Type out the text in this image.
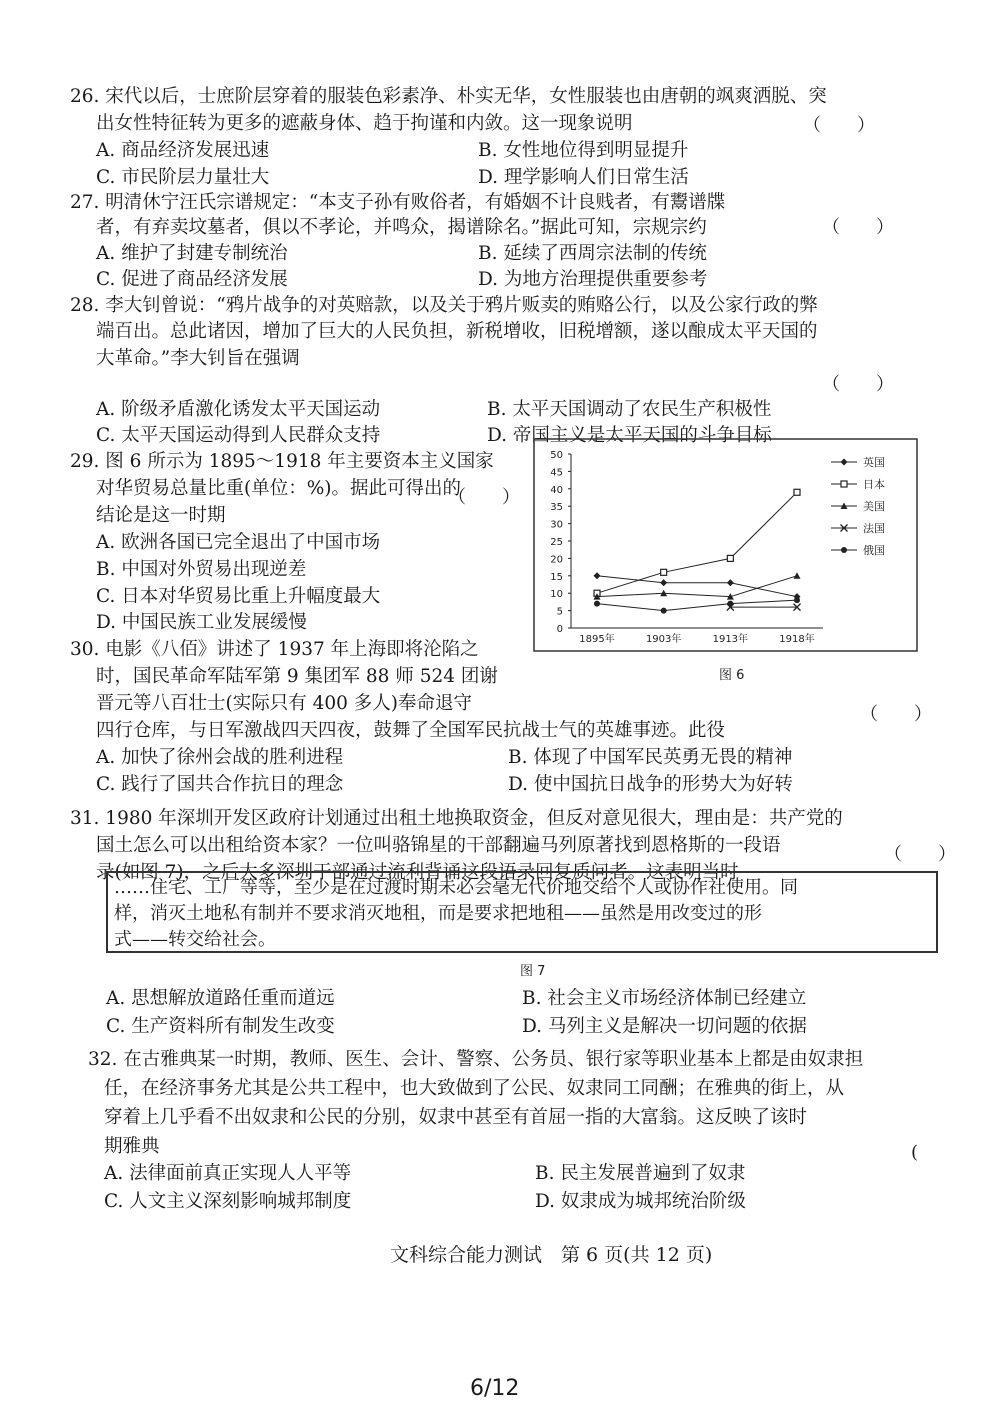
26. 宋代以后，士庶阶层穿着的服装色彩素净、朴实无华，女性服装也由唐朝的飒爽洒脱、突
出女性特征转为更多的遮蔽身体、趋于拘谨和内敛。这一现象说明	（　　）
A. 商品经济发展迅速	B. 女性地位得到明显提升
C. 市民阶层力量壮大	D. 理学影响人们日常生活
27. 明清休宁汪氏宗谱规定：“本支子孙有败俗者，有婚姻不计良贱者，有鬻谱牒
者，有弃卖坟墓者，俱以不孝论，并鸣众，揭谱除名。”据此可知，宗规宗约	（　　）
A. 维护了封建专制统治	B. 延续了西周宗法制的传统
C. 促进了商品经济发展	D. 为地方治理提供重要参考
28. 李大钊曾说：“鸦片战争的对英赔款，以及关于鸦片贩卖的贿赂公行，以及公家行政的弊
端百出。总此诸因，增加了巨大的人民负担，新税增收，旧税增额，遂以酿成太平天国的
大革命。”李大钊旨在强调
（　　）
A. 阶级矛盾激化诱发太平天国运动	B. 太平天国调动了农民生产积极性
C. 太平天国运动得到人民群众支持	D. 帝国主义是太平天国的斗争目标
29. 图 6 所示为 1895～1918 年主要资本主义国家
对华贸易总量比重(单位：%)。据此可得出的
结论是这一时期
（　　）
A. 欧洲各国已完全退出了中国市场
B. 中国对外贸易出现逆差
C. 日本对华贸易比重上升幅度最大
D. 中国民族工业发展缓慢	0
5
10
15
20
25
30
35
40
45
50
1895年	1903年	1913年	1918年
英国
日本
美国
法国
俄国
图 6
30. 电影《八佰》讲述了 1937 年上海即将沦陷之
时，国民革命军陆军第 9 集团军 88 师 524 团谢
晋元等八百壮士(实际只有 400 多人)奉命退守
四行仓库，与日军激战四天四夜，鼓舞了全国军民抗战士气的英雄事迹。此役
（　　）
A. 加快了徐州会战的胜利进程	B. 体现了中国军民英勇无畏的精神
C. 践行了国共合作抗日的理念	D. 使中国抗日战争的形势大为好转
31. 1980 年深圳开发区政府计划通过出租土地换取资金，但反对意见很大，理由是：共产党的
国土怎么可以出租给资本家？一位叫骆锦星的干部翻遍马列原著找到恩格斯的一段语
录(如图 7)，之后大多深圳干部通过流利背诵这段语录回复质问者。这表明当时
（　　）
……住宅、工厂等等，至少是在过渡时期未必会毫无代价地交给个人或协作社使用。同
样，消灭土地私有制并不要求消灭地租，而是要求把地租——虽然是用改变过的形
式——转交给社会。
图 7
A. 思想解放道路任重而道远	B. 社会主义市场经济体制已经建立
C. 生产资料所有制发生改变	D. 马列主义是解决一切问题的依据
32. 在古雅典某一时期，教师、医生、会计、警察、公务员、银行家等职业基本上都是由奴隶担
任，在经济事务尤其是公共工程中，也大致做到了公民、奴隶同工同酬；在雅典的街上，从
穿着上几乎看不出奴隶和公民的分别，奴隶中甚至有首屈一指的大富翁。这反映了该时
期雅典	(
A. 法律面前真正实现人人平等	B. 民主发展普遍到了奴隶
C. 人文主义深刻影响城邦制度	D. 奴隶成为城邦统治阶级
文科综合能力测试　第 6 页(共 12 页)
6/12
